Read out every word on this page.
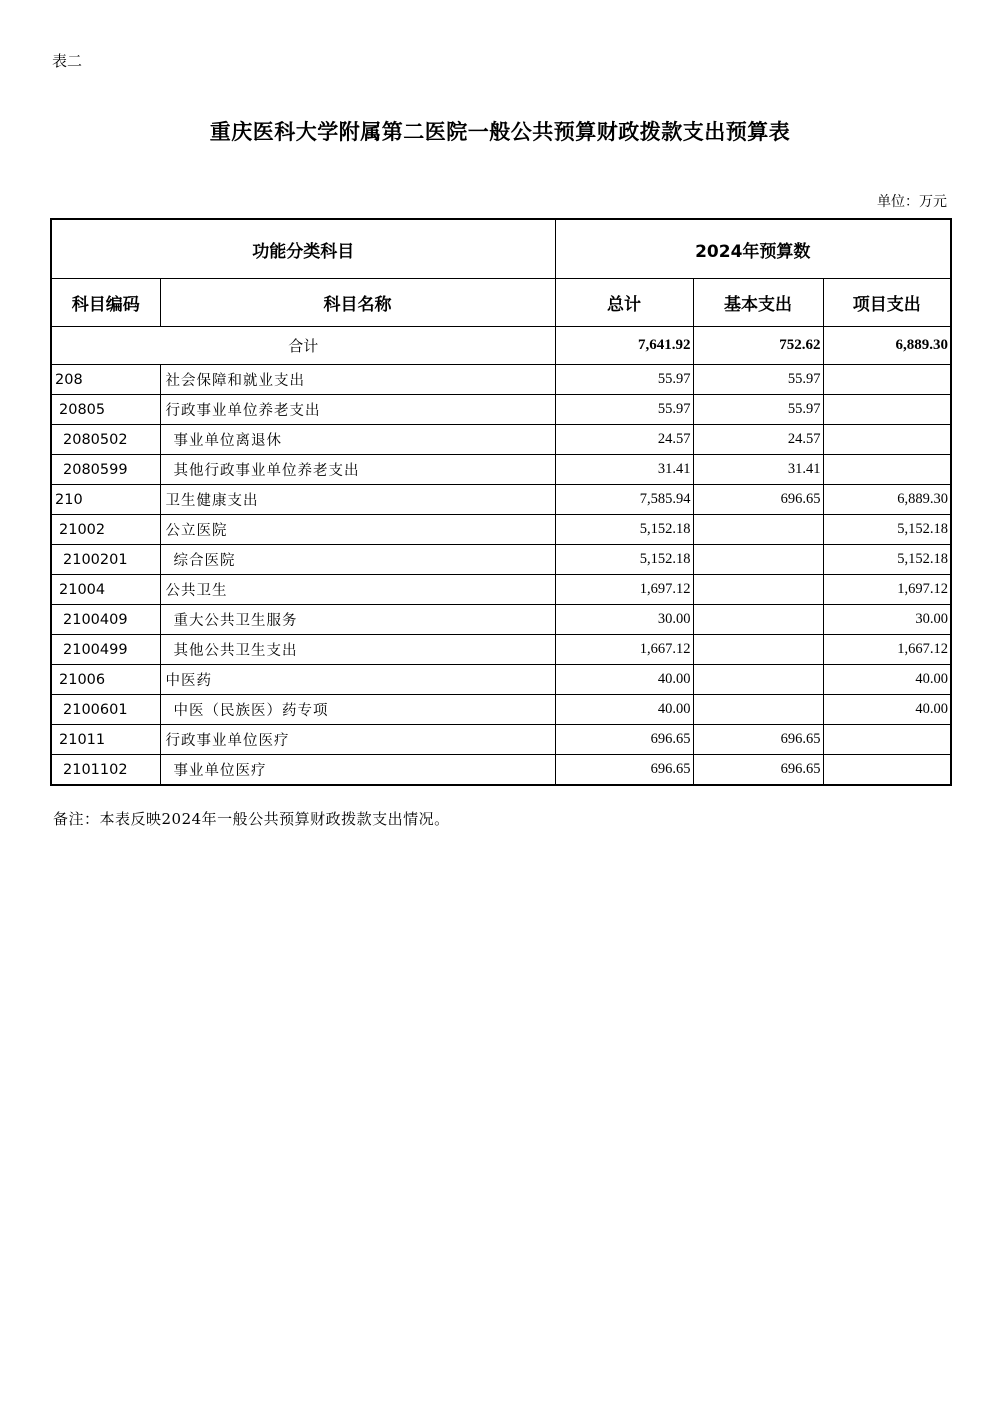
表二
重庆医科大学附属第二医院一般公共预算财政拨款支出预算表
单位：万元
功能分类科目		2024年预算数		
科目编码	科目名称	总计	基本支出	项目支出
合计		7,641.92	752.62	6,889.30
208	社会保障和就业支出	55.97	55.97	
20805	行政事业单位养老支出	55.97	55.97	
2080502	事业单位离退休	24.57	24.57	
2080599	其他行政事业单位养老支出	31.41	31.41	
210	卫生健康支出	7,585.94	696.65	6,889.30
21002	公立医院	5,152.18		5,152.18
2100201	综合医院	5,152.18		5,152.18
21004	公共卫生	1,697.12		1,697.12
2100409	重大公共卫生服务	30.00		30.00
2100499	其他公共卫生支出	1,667.12		1,667.12
21006	中医药	40.00		40.00
2100601	中医（民族医）药专项	40.00		40.00
21011	行政事业单位医疗	696.65	696.65	
2101102	事业单位医疗	696.65	696.65	
备注：本表反映2024年一般公共预算财政拨款支出情况。
